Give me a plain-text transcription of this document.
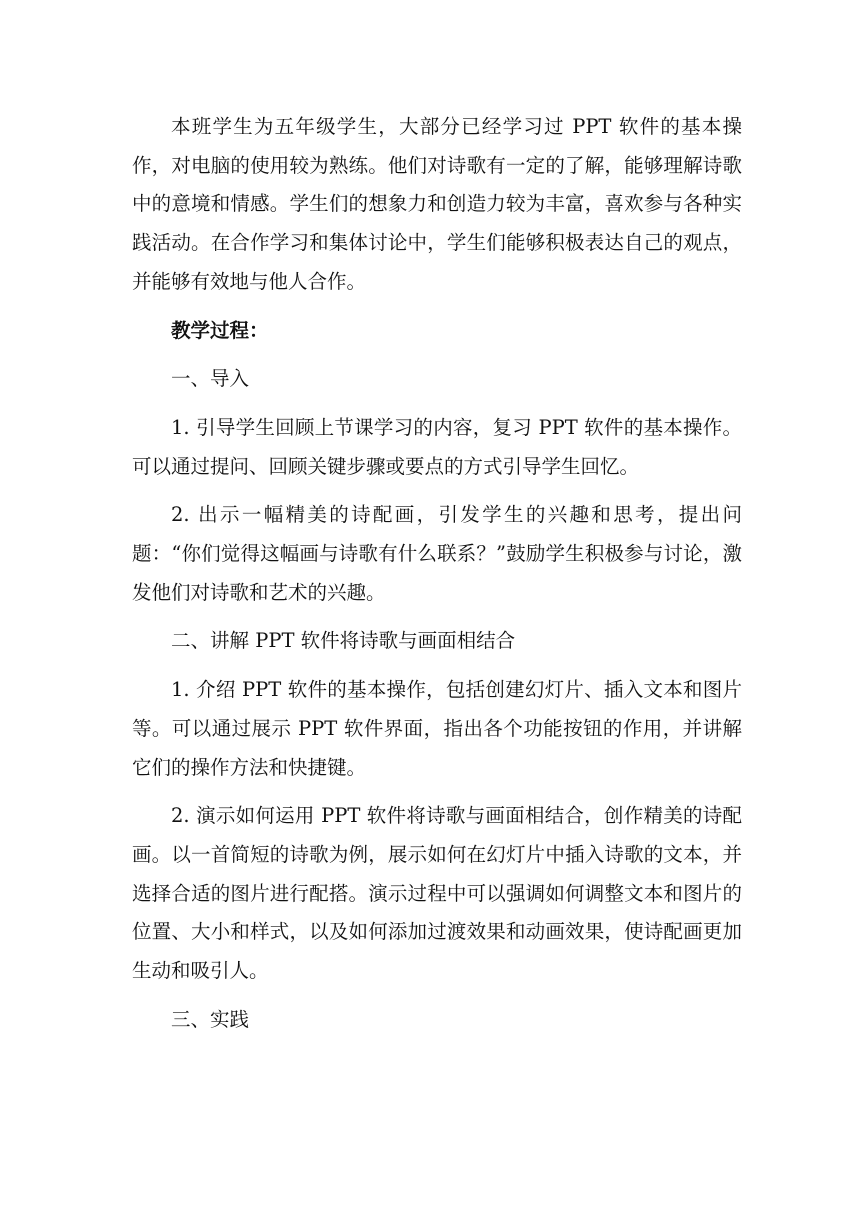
本班学生为五年级学生，大部分已经学习过 PPT 软件的基本操作，对电脑的使用较为熟练。他们对诗歌有一定的了解，能够理解诗歌中的意境和情感。学生们的想象力和创造力较为丰富，喜欢参与各种实践活动。在合作学习和集体讨论中，学生们能够积极表达自己的观点，并能够有效地与他人合作。

教学过程：

一、导入

1. 引导学生回顾上节课学习的内容，复习 PPT 软件的基本操作。可以通过提问、回顾关键步骤或要点的方式引导学生回忆。

2. 出示一幅精美的诗配画，引发学生的兴趣和思考，提出问题：“你们觉得这幅画与诗歌有什么联系？”鼓励学生积极参与讨论，激发他们对诗歌和艺术的兴趣。

二、讲解 PPT 软件将诗歌与画面相结合

1. 介绍 PPT 软件的基本操作，包括创建幻灯片、插入文本和图片等。可以通过展示 PPT 软件界面，指出各个功能按钮的作用，并讲解它们的操作方法和快捷键。

2. 演示如何运用 PPT 软件将诗歌与画面相结合，创作精美的诗配画。以一首简短的诗歌为例，展示如何在幻灯片中插入诗歌的文本，并选择合适的图片进行配搭。演示过程中可以强调如何调整文本和图片的位置、大小和样式，以及如何添加过渡效果和动画效果，使诗配画更加生动和吸引人。

三、实践
